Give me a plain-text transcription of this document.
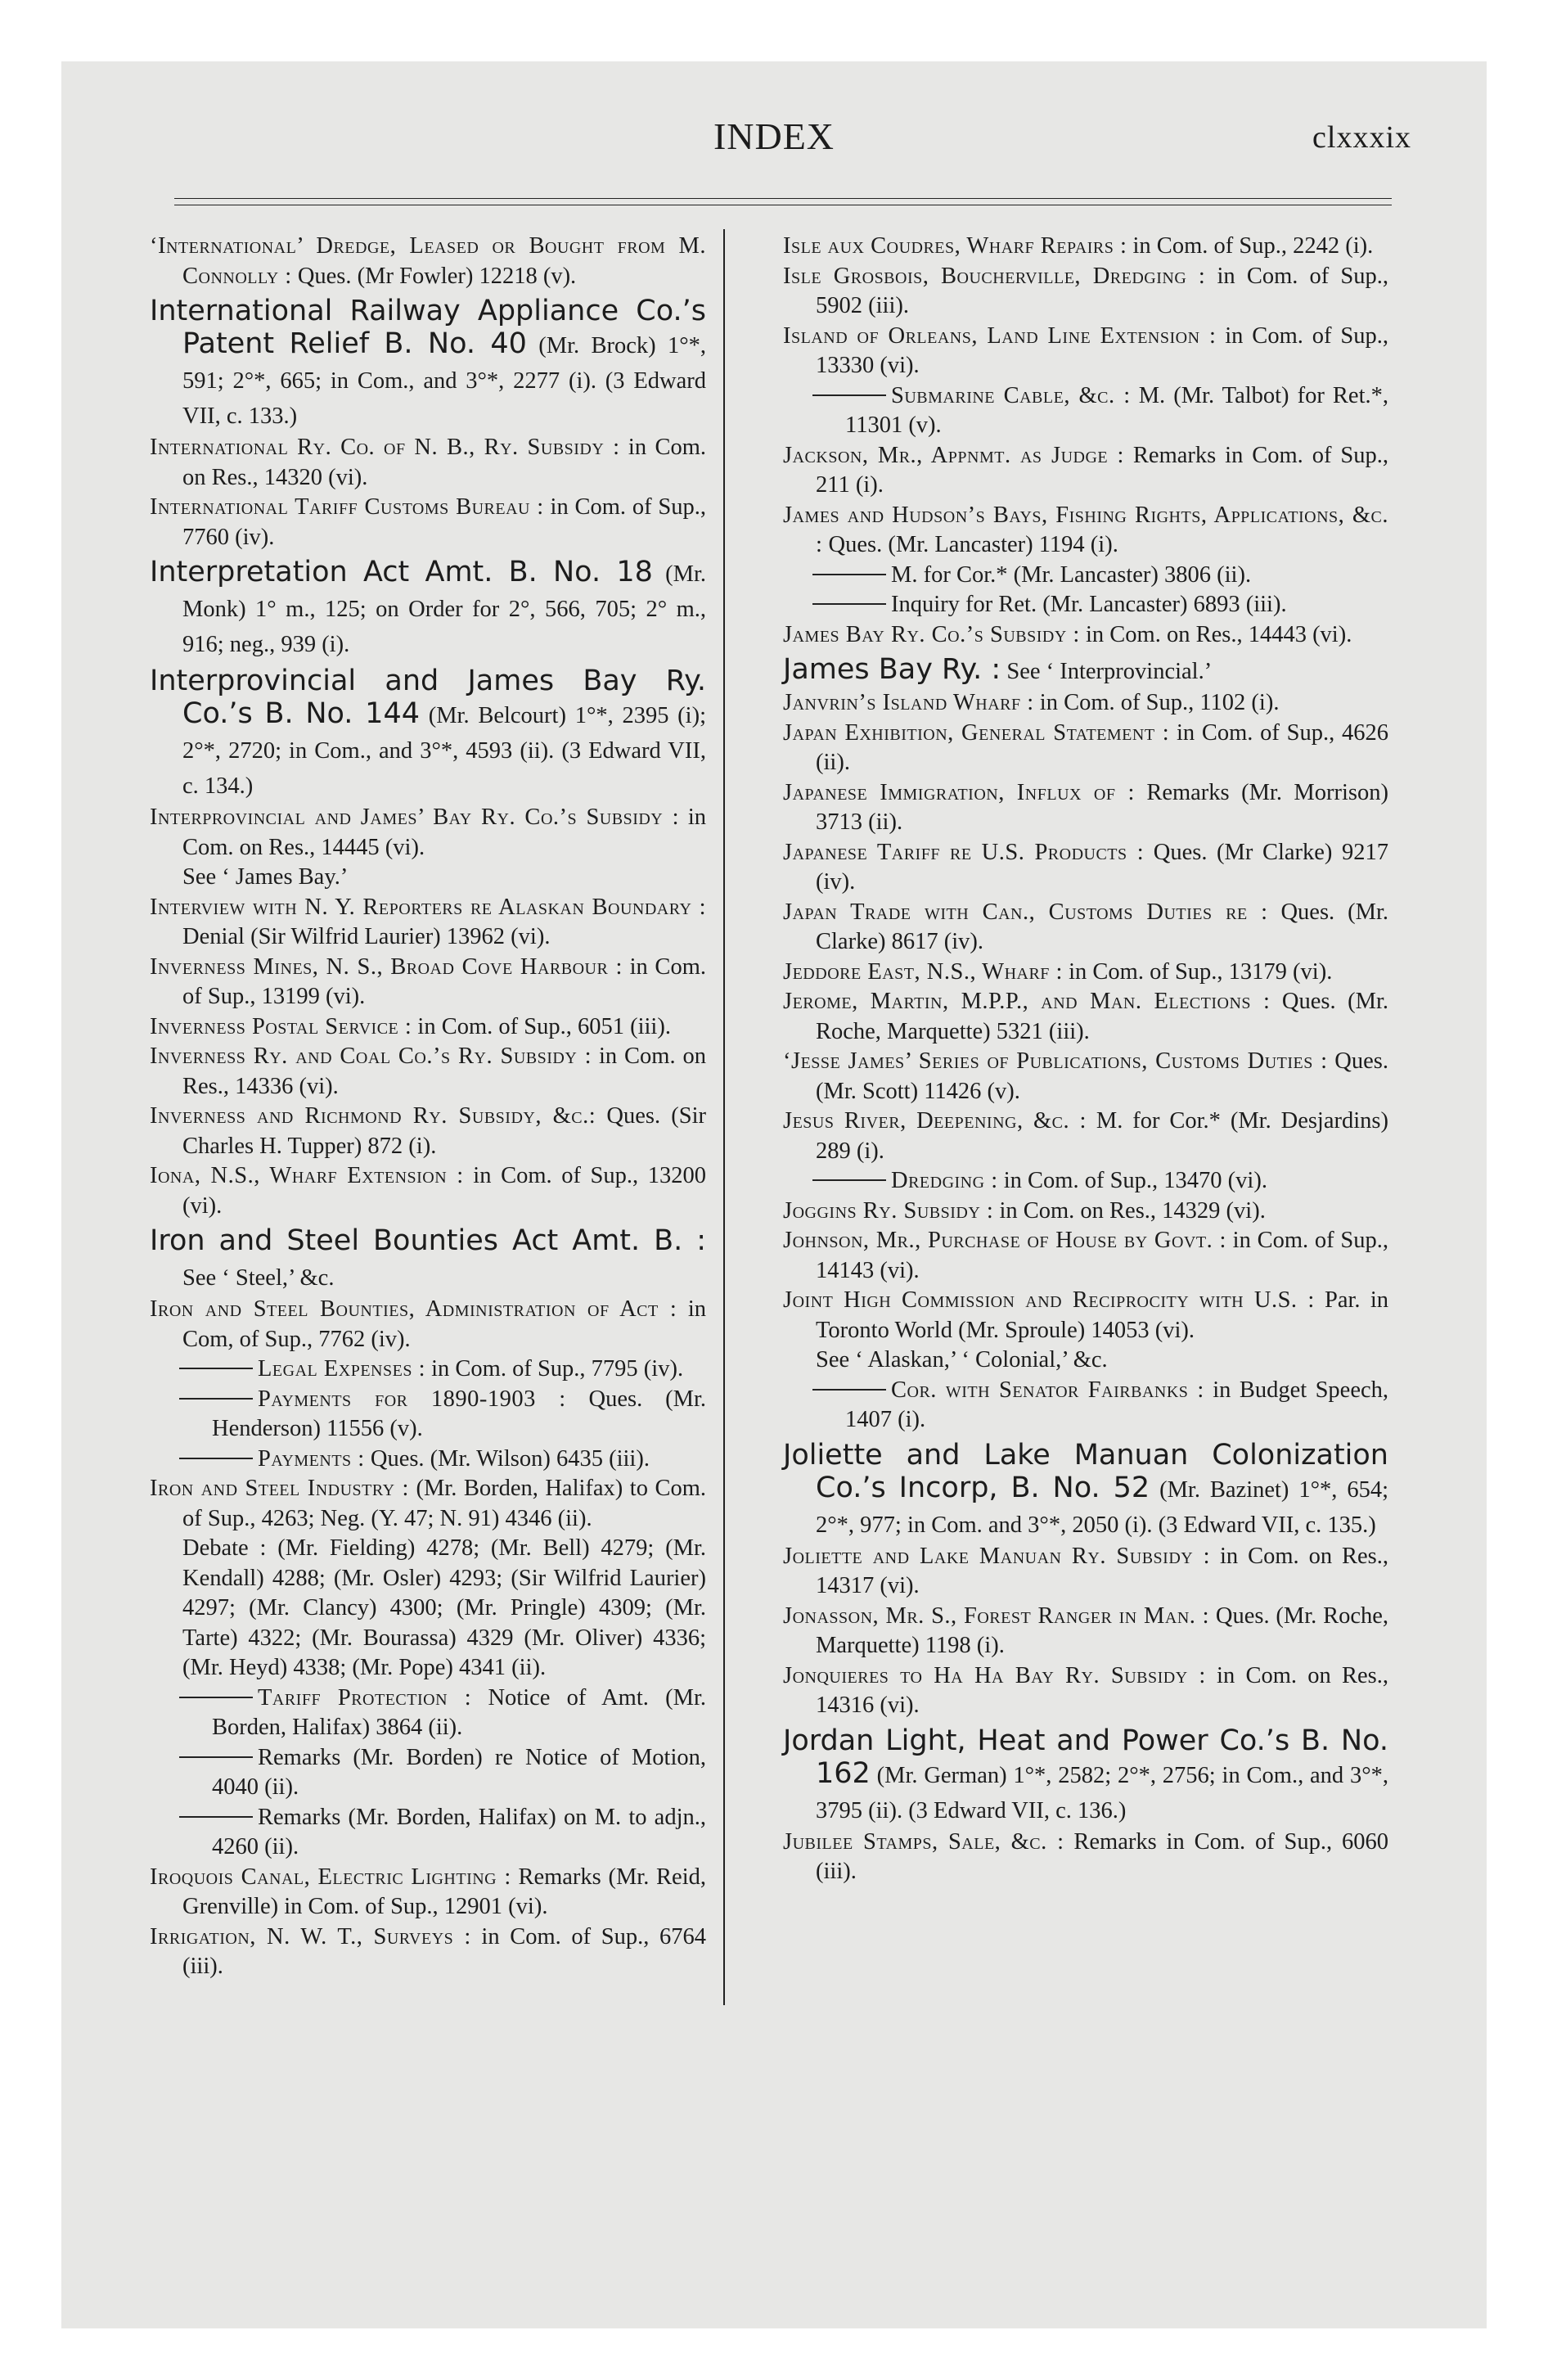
INDEX	clxxxix

‘International’ Dredge, Leased or Bought from M. Connolly : Ques. (Mr Fowler) 12218 (v).

International Railway Appliance Co.’s Patent Relief B. No. 40 (Mr. Brock) 1°*, 591; 2°*, 665; in Com., and 3°*, 2277 (i). (3 Edward VII, c. 133.)

International Ry. Co. of N. B., Ry. Subsidy : in Com. on Res., 14320 (vi).

International Tariff Customs Bureau : in Com. of Sup., 7760 (iv).

Interpretation Act Amt. B. No. 18 (Mr. Monk) 1° m., 125; on Order for 2°, 566, 705; 2° m., 916; neg., 939 (i).

Interprovincial and James Bay Ry. Co.’s B. No. 144 (Mr. Belcourt) 1°*, 2395 (i); 2°*, 2720; in Com., and 3°*, 4593 (ii). (3 Edward VII, c. 134.)

Interprovincial and James’ Bay Ry. Co.’s Subsidy : in Com. on Res., 14445 (vi).

See ‘ James Bay.’

Interview with N. Y. Reporters re Alaskan Boundary : Denial (Sir Wilfrid Laurier) 13962 (vi).

Inverness Mines, N. S., Broad Cove Harbour : in Com. of Sup., 13199 (vi).

Inverness Postal Service : in Com. of Sup., 6051 (iii).

Inverness Ry. and Coal Co.’s Ry. Subsidy : in Com. on Res., 14336 (vi).

Inverness and Richmond Ry. Subsidy, &c.: Ques. (Sir Charles H. Tupper) 872 (i).

Iona, N.S., Wharf Extension : in Com. of Sup., 13200 (vi).

Iron and Steel Bounties Act Amt. B. : See ‘ Steel,’ &c.

Iron and Steel Bounties, Administration of Act : in Com, of Sup., 7762 (iv).

Legal Expenses : in Com. of Sup., 7795 (iv).

Payments for 1890-1903 : Ques. (Mr. Henderson) 11556 (v).

Payments : Ques. (Mr. Wilson) 6435 (iii).

Iron and Steel Industry : (Mr. Borden, Halifax) to Com. of Sup., 4263; Neg. (Y. 47; N. 91) 4346 (ii).

Debate : (Mr. Fielding) 4278; (Mr. Bell) 4279; (Mr. Kendall) 4288; (Mr. Osler) 4293; (Sir Wilfrid Laurier) 4297; (Mr. Clancy) 4300; (Mr. Pringle) 4309; (Mr. Tarte) 4322; (Mr. Bourassa) 4329 (Mr. Oliver) 4336; (Mr. Heyd) 4338; (Mr. Pope) 4341 (ii).

Tariff Protection : Notice of Amt. (Mr. Borden, Halifax) 3864 (ii).

Remarks (Mr. Borden) re Notice of Motion, 4040 (ii).

Remarks (Mr. Borden, Halifax) on M. to adjn., 4260 (ii).

Iroquois Canal, Electric Lighting : Remarks (Mr. Reid, Grenville) in Com. of Sup., 12901 (vi).

Irrigation, N. W. T., Surveys : in Com. of Sup., 6764 (iii).

Isle aux Coudres, Wharf Repairs : in Com. of Sup., 2242 (i).

Isle Grosbois, Boucherville, Dredging : in Com. of Sup., 5902 (iii).

Island of Orleans, Land Line Extension : in Com. of Sup., 13330 (vi).

Submarine Cable, &c. : M. (Mr. Talbot) for Ret.*, 11301 (v).

Jackson, Mr., Appnmt. as Judge : Remarks in Com. of Sup., 211 (i).

James and Hudson’s Bays, Fishing Rights, Applications, &c. : Ques. (Mr. Lancaster) 1194 (i).

M. for Cor.* (Mr. Lancaster) 3806 (ii).

Inquiry for Ret. (Mr. Lancaster) 6893 (iii).

James Bay Ry. Co.’s Subsidy : in Com. on Res., 14443 (vi).

James Bay Ry. : See ‘ Interprovincial.’

Janvrin’s Island Wharf : in Com. of Sup., 1102 (i).

Japan Exhibition, General Statement : in Com. of Sup., 4626 (ii).

Japanese Immigration, Influx of : Remarks (Mr. Morrison) 3713 (ii).

Japanese Tariff re U.S. Products : Ques. (Mr Clarke) 9217 (iv).

Japan Trade with Can., Customs Duties re : Ques. (Mr. Clarke) 8617 (iv).

Jeddore East, N.S., Wharf : in Com. of Sup., 13179 (vi).

Jerome, Martin, M.P.P., and Man. Elections : Ques. (Mr. Roche, Marquette) 5321 (iii).

‘Jesse James’ Series of Publications, Customs Duties : Ques. (Mr. Scott) 11426 (v).

Jesus River, Deepening, &c. : M. for Cor.* (Mr. Desjardins) 289 (i).

Dredging : in Com. of Sup., 13470 (vi).

Joggins Ry. Subsidy : in Com. on Res., 14329 (vi).

Johnson, Mr., Purchase of House by Govt. : in Com. of Sup., 14143 (vi).

Joint High Commission and Reciprocity with U.S. : Par. in Toronto World (Mr. Sproule) 14053 (vi).

See ‘ Alaskan,’ ‘ Colonial,’ &c.

Cor. with Senator Fairbanks : in Budget Speech, 1407 (i).

Joliette and Lake Manuan Colonization Co.’s Incorp, B. No. 52 (Mr. Bazinet) 1°*, 654; 2°*, 977; in Com. and 3°*, 2050 (i). (3 Edward VII, c. 135.)

Joliette and Lake Manuan Ry. Subsidy : in Com. on Res., 14317 (vi).

Jonasson, Mr. S., Forest Ranger in Man. : Ques. (Mr. Roche, Marquette) 1198 (i).

Jonquieres to Ha Ha Bay Ry. Subsidy : in Com. on Res., 14316 (vi).

Jordan Light, Heat and Power Co.’s B. No. 162 (Mr. German) 1°*, 2582; 2°*, 2756; in Com., and 3°*, 3795 (ii). (3 Edward VII, c. 136.)

Jubilee Stamps, Sale, &c. : Remarks in Com. of Sup., 6060 (iii).
